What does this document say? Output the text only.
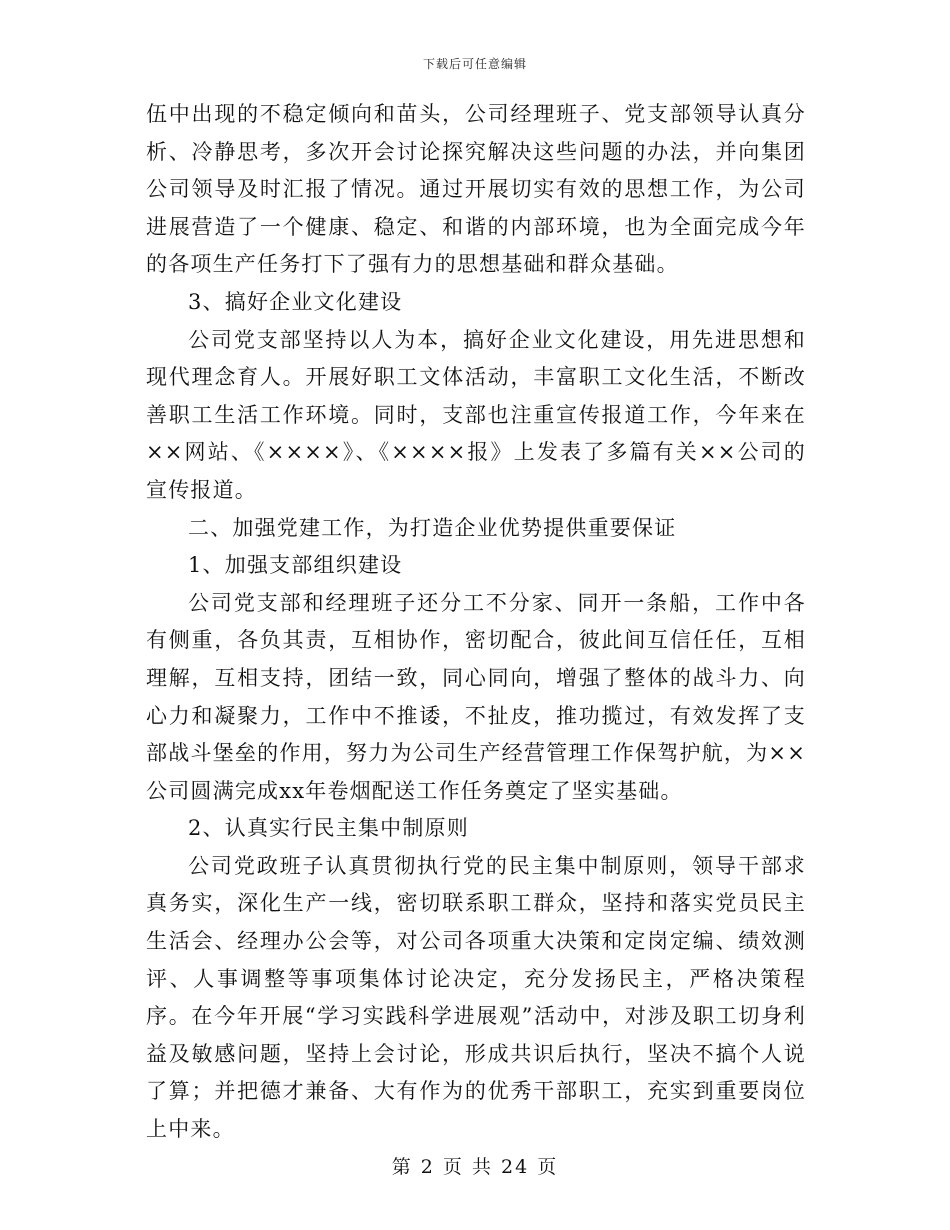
下载后可任意编辑

伍中出现的不稳定倾向和苗头，公司经理班子、党支部领导认真分析、冷静思考，多次开会讨论探究解决这些问题的办法，并向集团公司领导及时汇报了情况。通过开展切实有效的思想工作，为公司进展营造了一个健康、稳定、和谐的内部环境，也为全面完成今年的各项生产任务打下了强有力的思想基础和群众基础。

3、搞好企业文化建设

公司党支部坚持以人为本，搞好企业文化建设，用先进思想和现代理念育人。开展好职工文体活动，丰富职工文化生活，不断改善职工生活工作环境。同时，支部也注重宣传报道工作，今年来在××网站、《××××》、《××××报》上发表了多篇有关××公司的宣传报道。

二、加强党建工作，为打造企业优势提供重要保证

1、加强支部组织建设

公司党支部和经理班子还分工不分家、同开一条船，工作中各有侧重，各负其责，互相协作，密切配合，彼此间互信任任，互相理解，互相支持，团结一致，同心同向，增强了整体的战斗力、向心力和凝聚力，工作中不推诿，不扯皮，推功揽过，有效发挥了支部战斗堡垒的作用，努力为公司生产经营管理工作保驾护航，为××公司圆满完成xx年卷烟配送工作任务奠定了坚实基础。

2、认真实行民主集中制原则

公司党政班子认真贯彻执行党的民主集中制原则，领导干部求真务实，深化生产一线，密切联系职工群众，坚持和落实党员民主生活会、经理办公会等，对公司各项重大决策和定岗定编、绩效测评、人事调整等事项集体讨论决定，充分发扬民主，严格决策程序。在今年开展“学习实践科学进展观”活动中，对涉及职工切身利益及敏感问题，坚持上会讨论，形成共识后执行，坚决不搞个人说了算；并把德才兼备、大有作为的优秀干部职工，充实到重要岗位上中来。

第 2 页 共 24 页
